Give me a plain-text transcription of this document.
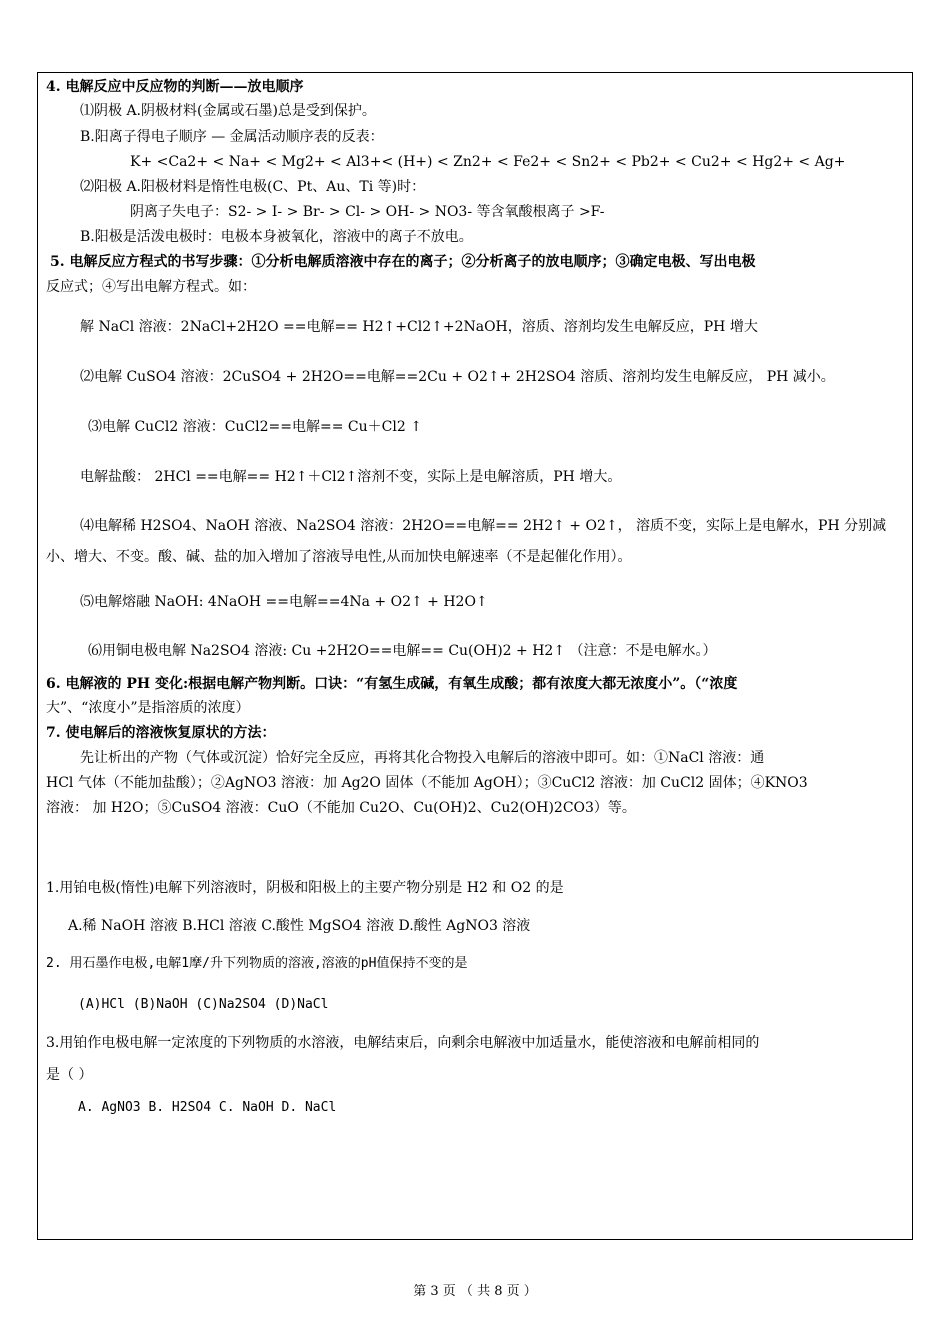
4. 电解反应中反应物的判断——放电顺序
⑴阴极 A.阴极材料(金属或石墨)总是受到保护。
B.阳离子得电子顺序 — 金属活动顺序表的反表：
K+ <Ca2+ < Na+ < Mg2+ < Al3+< (H+) < Zn2+ < Fe2+ < Sn2+ < Pb2+ < Cu2+ < Hg2+ < Ag+
⑵阳极 A.阳极材料是惰性电极(C、Pt、Au、Ti 等)时：
阴离子失电子：S2- > I- > Br- > Cl- > OH- > NO3- 等含氧酸根离子 >F-
B.阳极是活泼电极时：电极本身被氧化，溶液中的离子不放电。
5. 电解反应方程式的书写步骤：①分析电解质溶液中存在的离子；②分析离子的放电顺序；③确定电极、写出电极
反应式；④写出电解方程式。如：
解 NaCl 溶液：2NaCl+2H2O ==电解== H2↑+Cl2↑+2NaOH，溶质、溶剂均发生电解反应，PH 增大
⑵电解 CuSO4 溶液：2CuSO4 + 2H2O==电解==2Cu + O2↑+ 2H2SO4 溶质、溶剂均发生电解反应， PH 减小。
⑶电解 CuCl2 溶液：CuCl2==电解== Cu＋Cl2 ↑
电解盐酸： 2HCl ==电解== H2↑＋Cl2↑溶剂不变，实际上是电解溶质，PH 增大。
⑷电解稀 H2SO4、NaOH 溶液、Na2SO4 溶液：2H2O==电解== 2H2↑ + O2↑， 溶质不变，实际上是电解水，PH 分别减
小、增大、不变。酸、碱、盐的加入增加了溶液导电性,从而加快电解速率（不是起催化作用）。
⑸电解熔融 NaOH: 4NaOH ==电解==4Na + O2↑ + H2O↑
⑹用铜电极电解 Na2SO4 溶液: Cu +2H2O==电解== Cu(OH)2 + H2↑ （注意：不是电解水。）
6. 电解液的 PH 变化:根据电解产物判断。口诀：“有氢生成碱，有氧生成酸；都有浓度大都无浓度小”。（“浓度
大”、“浓度小”是指溶质的浓度）
7. 使电解后的溶液恢复原状的方法：
先让析出的产物（气体或沉淀）恰好完全反应，再将其化合物投入电解后的溶液中即可。如：①NaCl 溶液：通
HCl 气体（不能加盐酸）；②AgNO3 溶液：加 Ag2O 固体（不能加 AgOH）；③CuCl2 溶液：加 CuCl2 固体；④KNO3
溶液： 加 H2O；⑤CuSO4 溶液：CuO（不能加 Cu2O、Cu(OH)2、Cu2(OH)2CO3）等。
1.用铂电极(惰性)电解下列溶液时，阴极和阳极上的主要产物分别是 H2 和 O2 的是
A.稀 NaOH 溶液 B.HCl 溶液 C.酸性 MgSO4 溶液 D.酸性 AgNO3 溶液
2. 用石墨作电极,电解1摩/升下列物质的溶液,溶液的pH值保持不变的是
(A)HCl (B)NaOH (C)Na2SO4 (D)NaCl
3.用铂作电极电解一定浓度的下列物质的水溶液，电解结束后，向剩余电解液中加适量水，能使溶液和电解前相同的
是（ ）
A. AgNO3 B. H2SO4 C. NaOH D. NaCl
第 3 页 （ 共 8 页 ）
